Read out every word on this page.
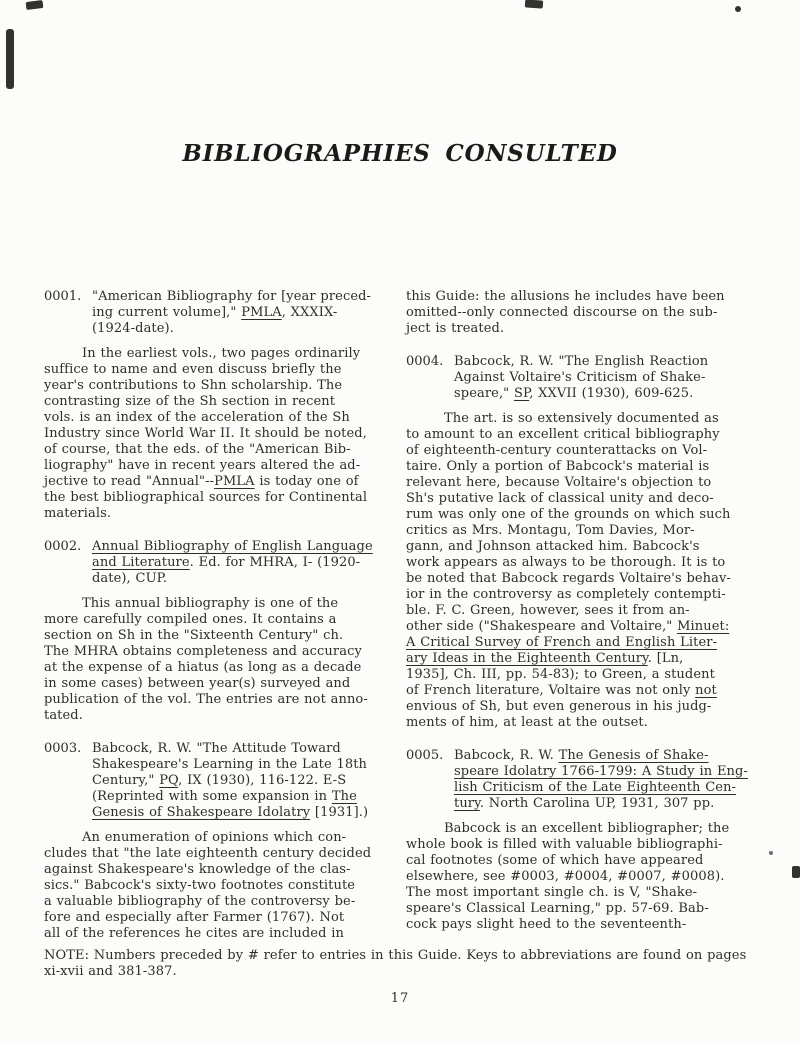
BIBLIOGRAPHIES CONSULTED
0001. "American Bibliography for [year preced-
ing current volume]," PMLA, XXXIX-
(1924-date).
In the earliest vols., two pages ordinarily
suffice to name and even discuss briefly the
year's contributions to Shn scholarship. The
contrasting size of the Sh section in recent
vols. is an index of the acceleration of the Sh
Industry since World War II. It should be noted,
of course, that the eds. of the "American Bib-
liography" have in recent years altered the ad-
jective to read "Annual"--PMLA is today one of
the best bibliographical sources for Continental
materials.
0002. Annual Bibliography of English Language
and Literature. Ed. for MHRA, I- (1920-
date), CUP.
This annual bibliography is one of the
more carefully compiled ones. It contains a
section on Sh in the "Sixteenth Century" ch.
The MHRA obtains completeness and accuracy
at the expense of a hiatus (as long as a decade
in some cases) between year(s) surveyed and
publication of the vol. The entries are not anno-
tated.
0003. Babcock, R. W. "The Attitude Toward
Shakespeare's Learning in the Late 18th
Century," PQ, IX (1930), 116-122. E-S
(Reprinted with some expansion in The
Genesis of Shakespeare Idolatry [1931].)
An enumeration of opinions which con-
cludes that "the late eighteenth century decided
against Shakespeare's knowledge of the clas-
sics." Babcock's sixty-two footnotes constitute
a valuable bibliography of the controversy be-
fore and especially after Farmer (1767). Not
all of the references he cites are included in
this Guide: the allusions he includes have been
omitted--only connected discourse on the sub-
ject is treated.
0004. Babcock, R. W. "The English Reaction
Against Voltaire's Criticism of Shake-
speare," SP, XXVII (1930), 609-625.
The art. is so extensively documented as
to amount to an excellent critical bibliography
of eighteenth-century counterattacks on Vol-
taire. Only a portion of Babcock's material is
relevant here, because Voltaire's objection to
Sh's putative lack of classical unity and deco-
rum was only one of the grounds on which such
critics as Mrs. Montagu, Tom Davies, Mor-
gann, and Johnson attacked him. Babcock's
work appears as always to be thorough. It is to
be noted that Babcock regards Voltaire's behav-
ior in the controversy as completely contempti-
ble. F. C. Green, however, sees it from an-
other side ("Shakespeare and Voltaire," Minuet:
A Critical Survey of French and English Liter-
ary Ideas in the Eighteenth Century. [Ln,
1935], Ch. III, pp. 54-83); to Green, a student
of French literature, Voltaire was not only not
envious of Sh, but even generous in his judg-
ments of him, at least at the outset.
0005. Babcock, R. W. The Genesis of Shake-
speare Idolatry 1766-1799: A Study in Eng-
lish Criticism of the Late Eighteenth Cen-
tury. North Carolina UP, 1931, 307 pp.
Babcock is an excellent bibliographer; the
whole book is filled with valuable bibliographi-
cal footnotes (some of which have appeared
elsewhere, see #0003, #0004, #0007, #0008).
The most important single ch. is V, "Shake-
speare's Classical Learning," pp. 57-69. Bab-
cock pays slight heed to the seventeenth-
NOTE: Numbers preceded by # refer to entries in this Guide. Keys to abbreviations are found on pages
xi-xvii and 381-387.
17
